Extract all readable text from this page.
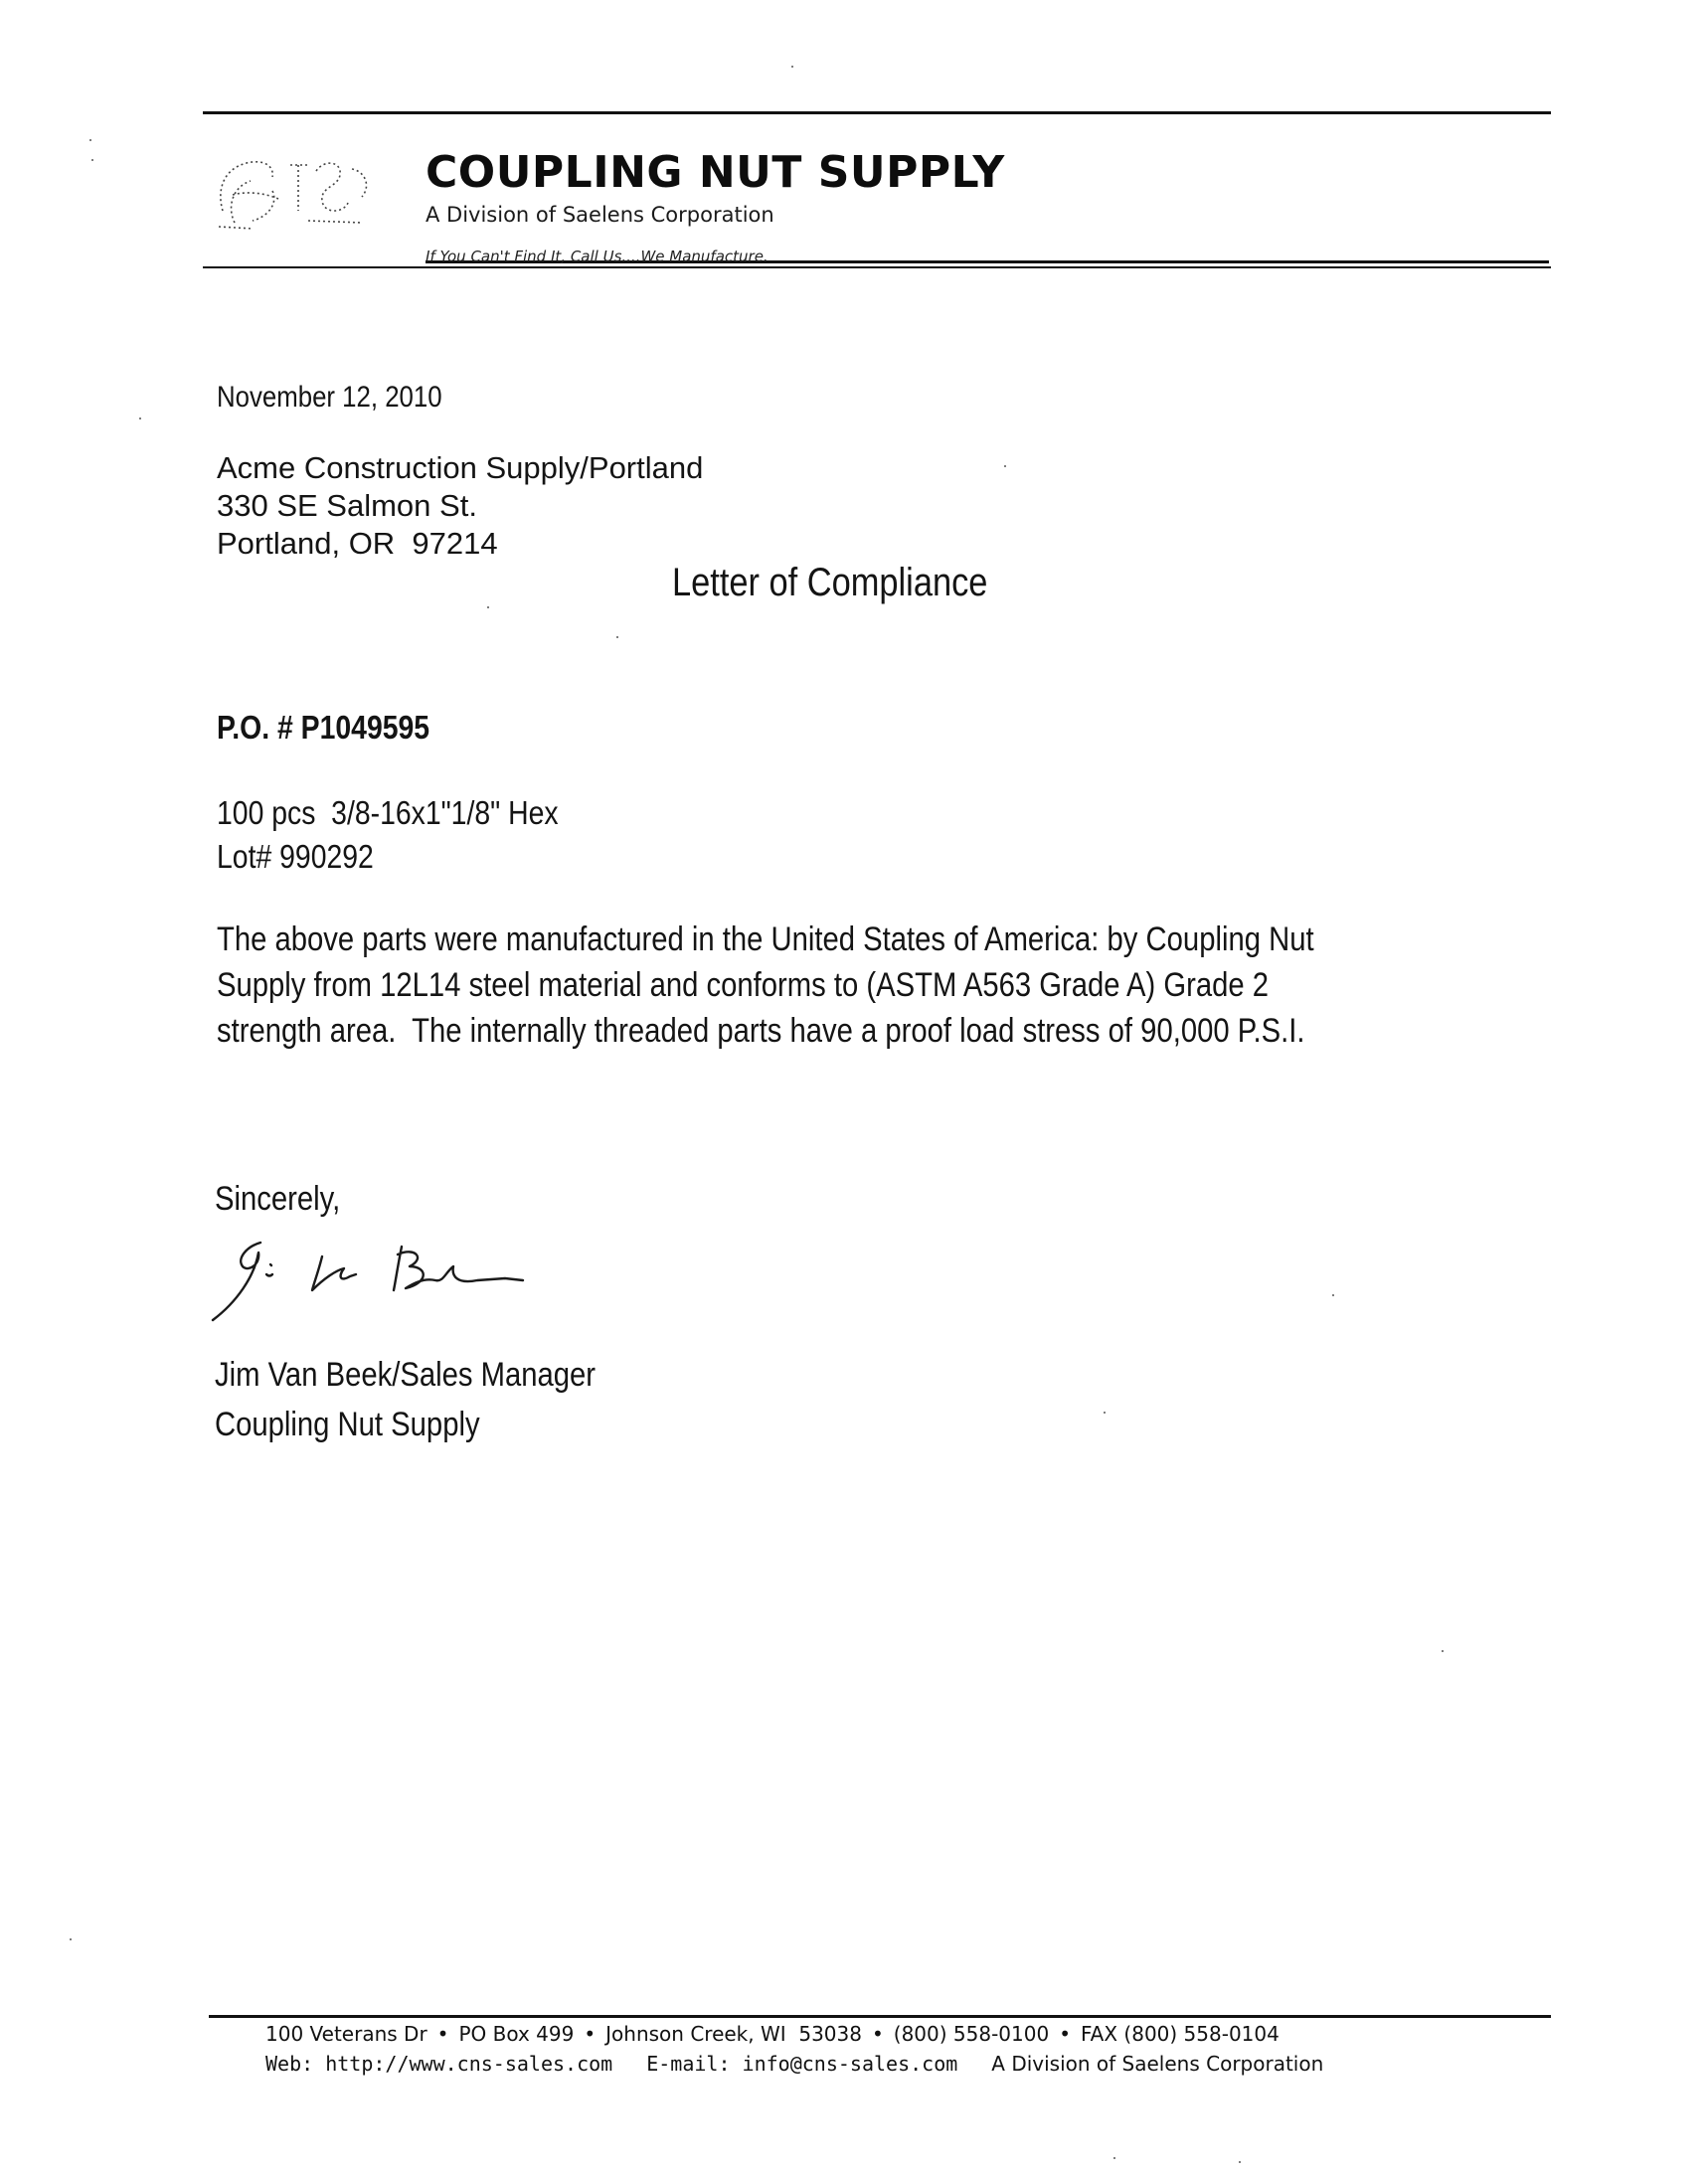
COUPLING NUT SUPPLY
A Division of Saelens Corporation
If You Can't Find It, Call Us....We Manufacture.
November 12, 2010
Acme Construction Supply/Portland
330 SE Salmon St.
Portland, OR  97214
Letter of Compliance
P.O. # P1049595
100 pcs  3/8-16x1"1/8" Hex
Lot# 990292
The above parts were manufactured in the United States of America: by Coupling Nut
Supply from 12L14 steel material and conforms to (ASTM A563 Grade A) Grade 2
strength area.  The internally threaded parts have a proof load stress of 90,000 P.S.I.
Sincerely,
Jim Van Beek/Sales Manager
Coupling Nut Supply
100 Veterans Dr • PO Box 499 • Johnson Creek, WI  53038 • (800) 558-0100 • FAX (800) 558-0104
Web: http://www.cns-sales.com E-mail: info@cns-sales.com A Division of Saelens Corporation
